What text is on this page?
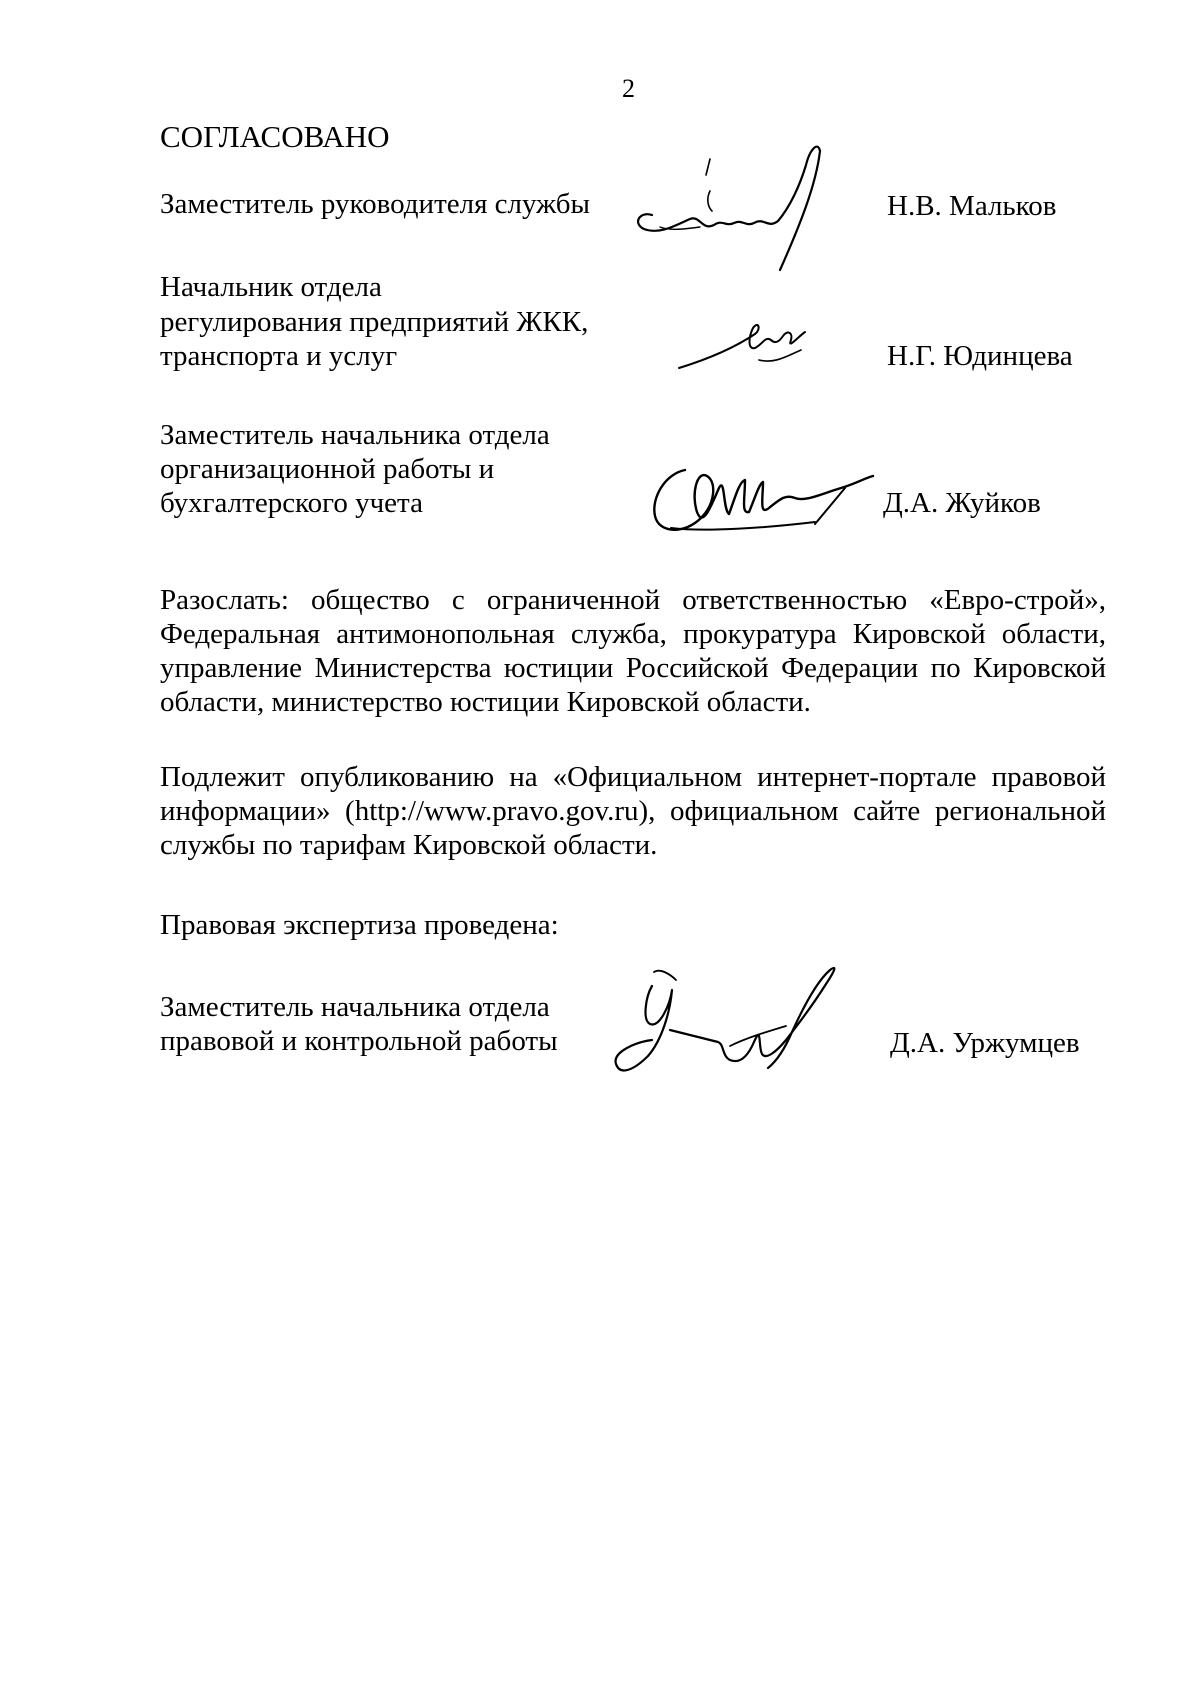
2
СОГЛАСОВАНО
Заместитель руководителя службы	Н.В. Мальков
Начальник отдела
регулирования предприятий ЖКК,
транспорта и услуг	Н.Г. Юдинцева
Заместитель начальника отдела
организационной работы и
бухгалтерского учета	Д.А. Жуйков
Разослать: общество с ограниченной ответственностью «Евро-строй»,
Федеральная антимонопольная служба, прокуратура Кировской области,
управление Министерства юстиции Российской Федерации по Кировской
области, министерство юстиции Кировской области.
Подлежит опубликованию на «Официальном интернет-портале правовой
информации» (http://www.pravo.gov.ru), официальном сайте региональной
службы по тарифам Кировской области.
Правовая экспертиза проведена:
Заместитель начальника отдела
правовой и контрольной работы	Д.А. Уржумцев
